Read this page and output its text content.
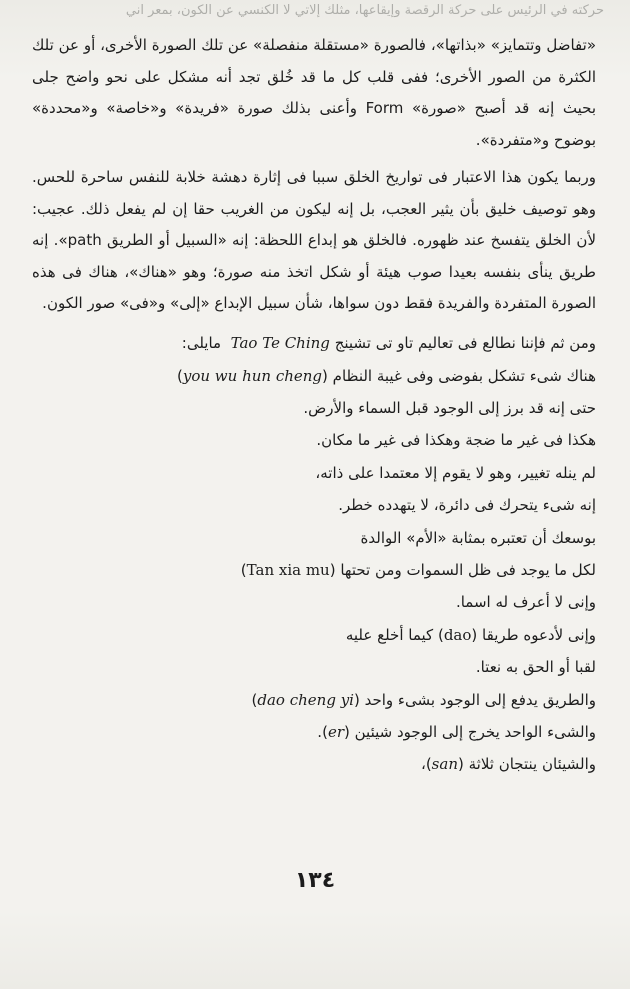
حركته في الرئيس على حركة الرقصة وإيقاعها، مثلك إلاتي لا الكنسي عن الكون، بمعر اني

«تفاضل وتتمايز» «بذاتها»، فالصورة «مستقلة منفصلة» عن تلك الصورة الأخرى، أو عن تلك الكثرة من الصور الأخرى؛ ففى قلب كل ما قد خُلق تجد أنه مشكل على نحو واضح جلى بحيث إنه قد أصبح «صورة» Form وأعنى بذلك صورة «فريدة» و«خاصة» و«محددة» بوضوح و«متفردة».

وربما يكون هذا الاعتبار فى تواريخ الخلق سببا فى إثارة دهشة خلابة للنفس ساحرة للحس. وهو توصيف خليق بأن يثير العجب، بل إنه ليكون من الغريب حقا إن لم يفعل ذلك. عجيب: لأن الخلق يتفسخ عند ظهوره. فالخلق هو إبداع اللحظة: إنه «السبيل أو الطريق path». إنه طريق ينأى بنفسه بعيدا صوب هيئة أو شكل اتخذ منه صورة؛ وهو «هناك»، هناك فى هذه الصورة المتفردة والفريدة فقط دون سواها، شأن سبيل الإبداع «إلى» و«فى» صور الكون.

ومن ثم فإننا نطالع فى تعاليم تاو تى تشينج Tao Te Ching  مايلى:

هناك شىء تشكل بفوضى وفى غيبة النظام (you wu hun cheng)

حتى إنه قد برز إلى الوجود قبل السماء والأرض.

هكذا فى غير ما ضجة وهكذا فى غير ما مكان.

لم ينله تغيير، وهو لا يقوم إلا معتمدا على ذاته،

إنه شىء يتحرك فى دائرة، لا يتهدده خطر.

بوسعك أن تعتبره بمثابة «الأم» الوالدة

لكل ما يوجد فى ظل السموات ومن تحتها (Tan xia mu)

وإنى لا أعرف له اسما.

وإنى لأدعوه طريقا (dao) كيما أخلع عليه

لقبا أو الحق به نعتا.

والطريق يدفع إلى الوجود بشىء واحد (dao cheng yi)

والشىء الواحد يخرج إلى الوجود شيئين (er).

والشيئان ينتجان ثلاثة (san)،

١٣٤
